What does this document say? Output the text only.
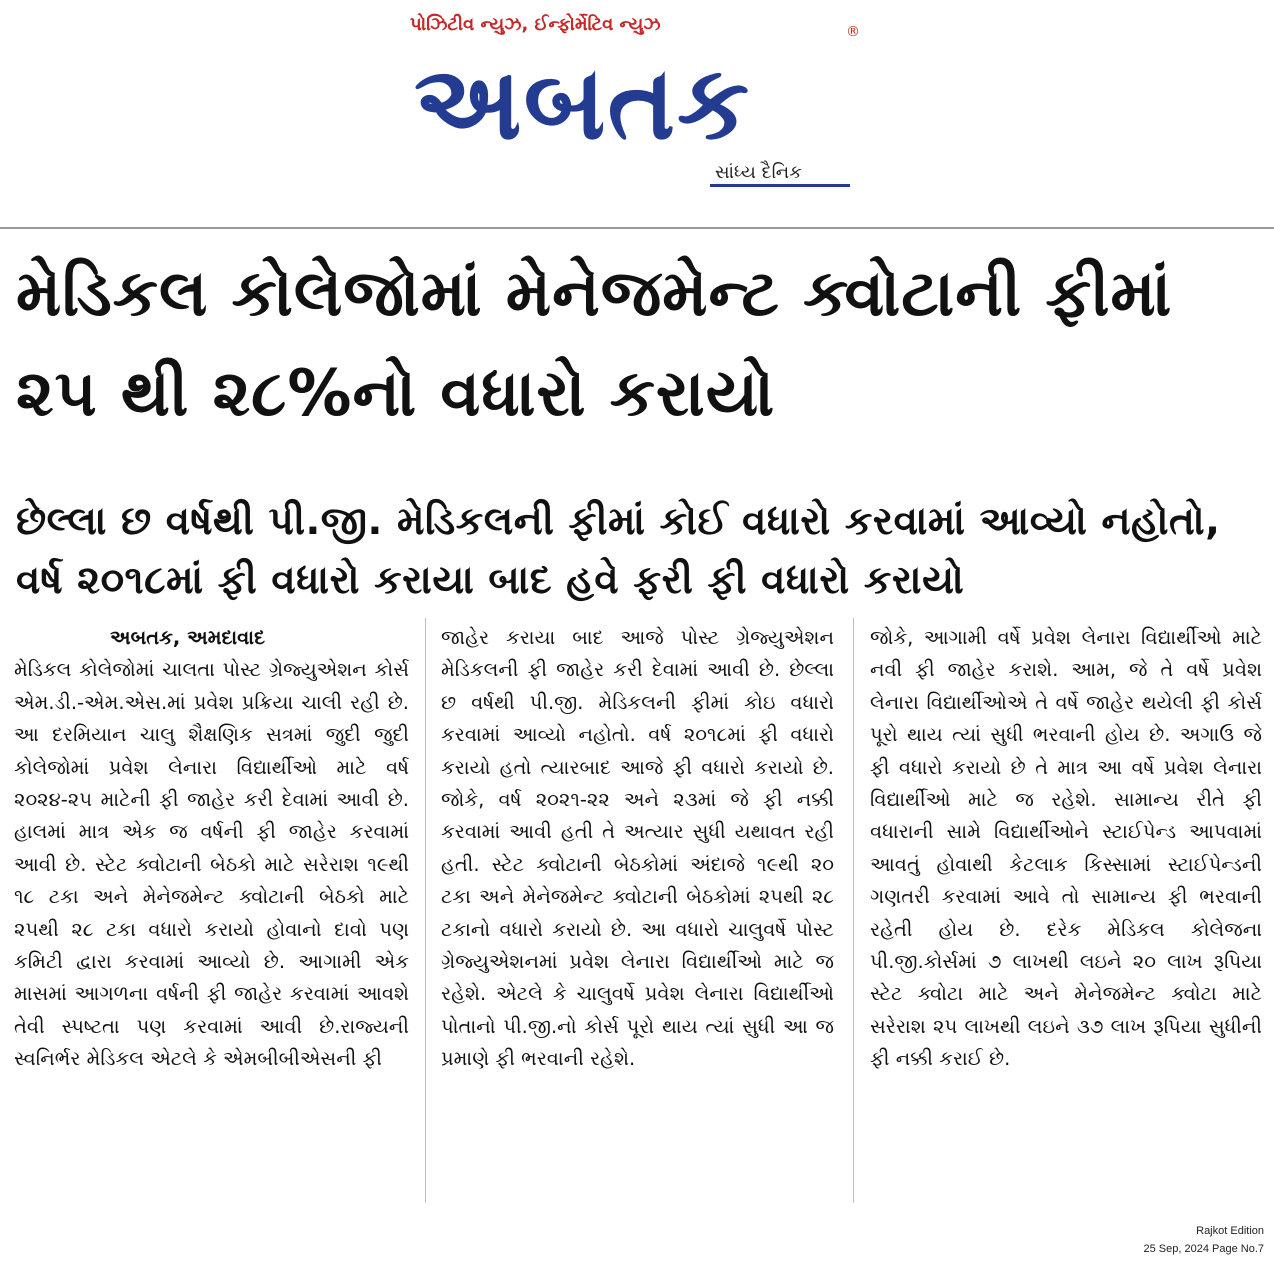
પોઝિટીવ ન્યુઝ, ઈન્ફોર્મેટિવ ન્યુઝ	®
અબતક
સાંધ્ય દૈનિક
મેડિકલ કોલેજોમાં મેનેજમેન્ટ ક્વોટાની ફીમાં ૨૫ થી ૨૮%નો વધારો કરાયો
છેલ્લા છ વર્ષથી પી.જી. મેડિકલની ફીમાં કોઈ વધારો કરવામાં આવ્યો નહોતો, વર્ષ ૨૦૧૮માં ફી વધારો કરાયા બાદ હવે ફરી ફી વધારો કરાયો
અબતક, અમદાવાદ

મેડિકલ કોલેજોમાં ચાલતા પોસ્ટ ગ્રેજ્યુએશન કોર્સ એમ.ડી.-એમ.એસ.માં પ્રવેશ પ્રક્રિયા ચાલી રહી છે. આ દરમિયાન ચાલુ શૈક્ષણિક સત્રમાં જુદી જુદી કોલેજોમાં પ્રવેશ લેનારા વિદ્યાર્થીઓ માટે વર્ષ ૨૦૨૪-૨૫ માટેની ફી જાહેર કરી દેવામાં આવી છે. હાલમાં માત્ર એક જ વર્ષની ફી જાહેર કરવામાં આવી છે. સ્ટેટ ક્વોટાની બેઠકો માટે સરેરાશ ૧૯થી ૧૮ ટકા અને મેનેજમેન્ટ ક્વોટાની બેઠકો માટે ૨૫થી ૨૮ ટકા વધારો કરાયો હોવાનો દાવો પણ કમિટી દ્વારા કરવામાં આવ્યો છે. આગામી એક માસમાં આગળના વર્ષની ફી જાહેર કરવામાં આવશે તેવી સ્પષ્ટતા પણ કરવામાં આવી છે.રાજ્યની સ્વનિર્ભર મેડિકલ એટલે કે એમબીબીએસની ફી

જાહેર કરાયા બાદ આજે પોસ્ટ ગ્રેજ્યુએશન મેડિકલની ફી જાહેર કરી દેવામાં આવી છે. છેલ્લા છ વર્ષથી પી.જી. મેડિકલની ફીમાં કોઇ વધારો કરવામાં આવ્યો નહોતો. વર્ષ ૨૦૧૮માં ફી વધારો કરાયો હતો ત્યારબાદ આજે ફી વધારો કરાયો છે. જોકે, વર્ષ ૨૦૨૧-૨૨ અને ૨૩માં જે ફી નક્કી કરવામાં આવી હતી તે અત્યાર સુધી યથાવત રહી હતી. સ્ટેટ ક્વોટાની બેઠકોમાં અંદાજે ૧૯થી ૨૦ ટકા અને મેનેજમેન્ટ ક્વોટાની બેઠકોમાં ૨૫થી ૨૮ ટકાનો વધારો કરાયો છે. આ વધારો ચાલુવર્ષે પોસ્ટ ગ્રેજ્યુએશનમાં પ્રવેશ લેનારા વિદ્યાર્થીઓ માટે જ રહેશે. એટલે કે ચાલુવર્ષે પ્રવેશ લેનારા વિદ્યાર્થીઓ પોતાનો પી.જી.નો કોર્સ પૂરો થાય ત્યાં સુધી આ જ પ્રમાણે ફી ભરવાની રહેશે.

જોકે, આગામી વર્ષે પ્રવેશ લેનારા વિદ્યાર્થીઓ માટે નવી ફી જાહેર કરાશે. આમ, જે તે વર્ષે પ્રવેશ લેનારા વિદ્યાર્થીઓએ તે વર્ષે જાહેર થયેલી ફી કોર્સ પૂરો થાય ત્યાં સુધી ભરવાની હોય છે. અગાઉ જે ફી વધારો કરાયો છે તે માત્ર આ વર્ષે પ્રવેશ લેનારા વિદ્યાર્થીઓ માટે જ રહેશે. સામાન્ય રીતે ફી વધારાની સામે વિદ્યાર્થીઓને સ્ટાઈપેન્ડ આપવામાં આવતું હોવાથી કેટલાક કિસ્સામાં સ્ટાઈપેન્ડની ગણતરી કરવામાં આવે તો સામાન્ય ફી ભરવાની રહેતી હોય છે. દરેક મેડિકલ કોલેજના પી.જી.કોર્સમાં ૭ લાખથી લઇને ૨૦ લાખ રૂપિયા સ્ટેટ ક્વોટા માટે અને મેનેજમેન્ટ ક્વોટા માટે સરેરાશ ૨૫ લાખથી લઇને ૩૭ લાખ રૂપિયા સુધીની ફી નક્કી કરાઈ છે.

Rajkot Edition
25 Sep, 2024 Page No.7
